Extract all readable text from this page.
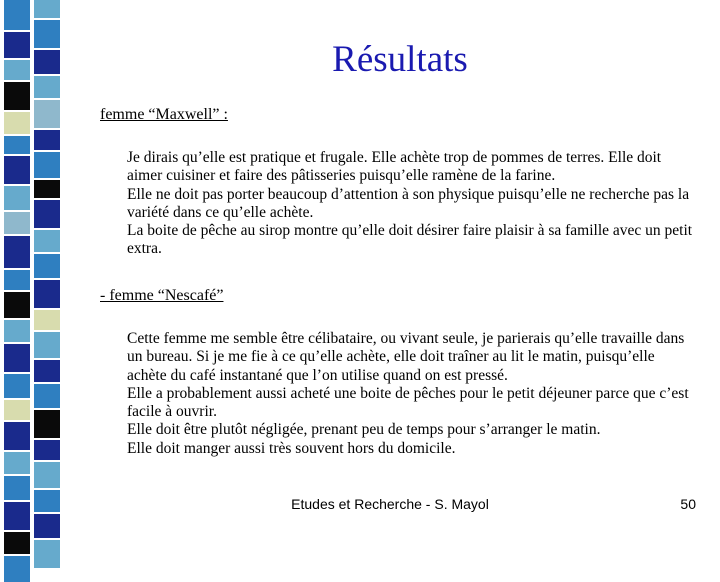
Résultats
femme “Maxwell” :

Je dirais qu’elle est pratique et frugale. Elle achète trop de pommes de terres. Elle doit aimer cuisiner et faire des pâtisseries puisqu’elle ramène de la farine.

Elle ne doit pas porter beaucoup d’attention à son physique puisqu’elle ne recherche pas la variété dans ce qu’elle achète.

La boite de pêche au sirop montre qu’elle doit désirer faire plaisir à sa famille avec un petit extra.

- femme “Nescafé”

Cette femme me semble être célibataire, ou vivant seule, je parierais qu’elle travaille dans un bureau. Si je me fie à ce qu’elle achète, elle doit traîner au lit le matin, puisqu’elle achète du café instantané que l’on utilise quand on est pressé.

Elle a probablement aussi acheté une boite de pêches pour le petit déjeuner parce que c’est facile à ouvrir.

Elle doit être plutôt négligée, prenant peu de temps pour s’arranger le matin.

Elle doit manger aussi très souvent hors du domicile.

Etudes et Recherche - S. Mayol	50
